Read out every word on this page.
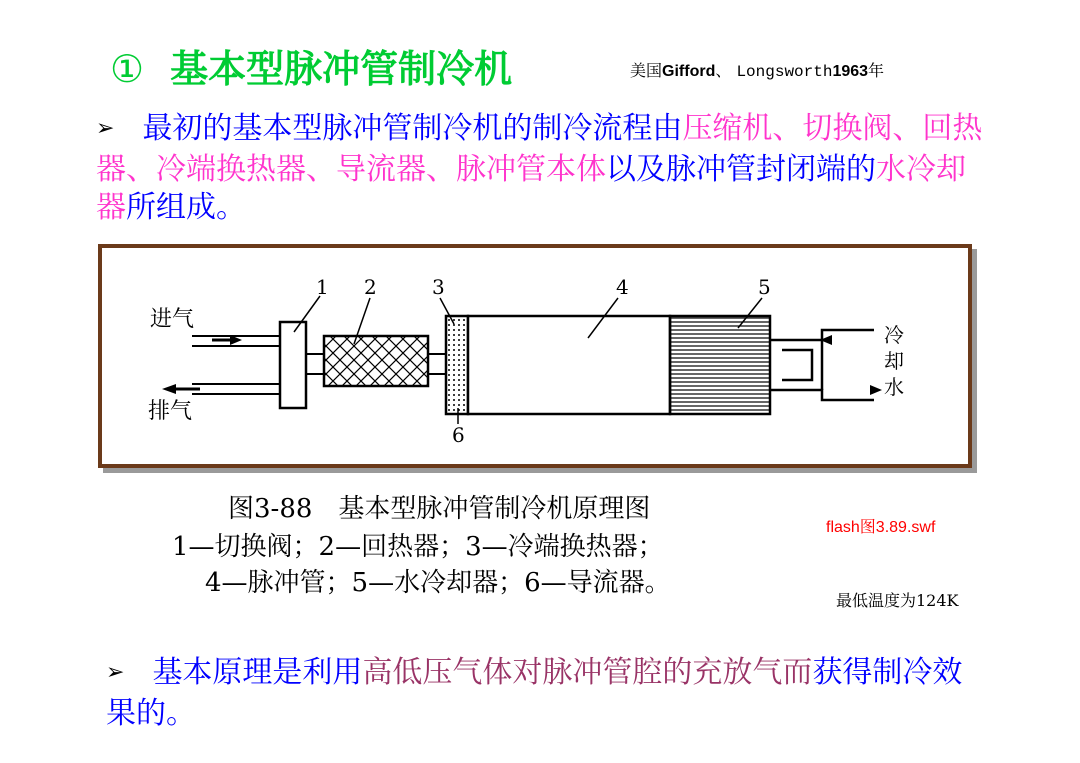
① 基本型脉冲管制冷机	美国Gifford、 Longsworth1963年
➢ 最初的基本型脉冲管制冷机的制冷流程由压缩机、切换阀、回热器、冷端换热器、导流器、脉冲管本体以及脉冲管封闭端的水冷却器所组成。
1 2	3	4	5
6
进气
排气
冷
却
水
图3-88　基本型脉冲管制冷机原理图
1—切换阀；2—回热器；3—冷端换热器；
4—脉冲管；5—水冷却器；6—导流器。
flash图3.89.swf
最低温度为124K
➢ 基本原理是利用高低压气体对脉冲管腔的充放气而获得制冷效果的。
